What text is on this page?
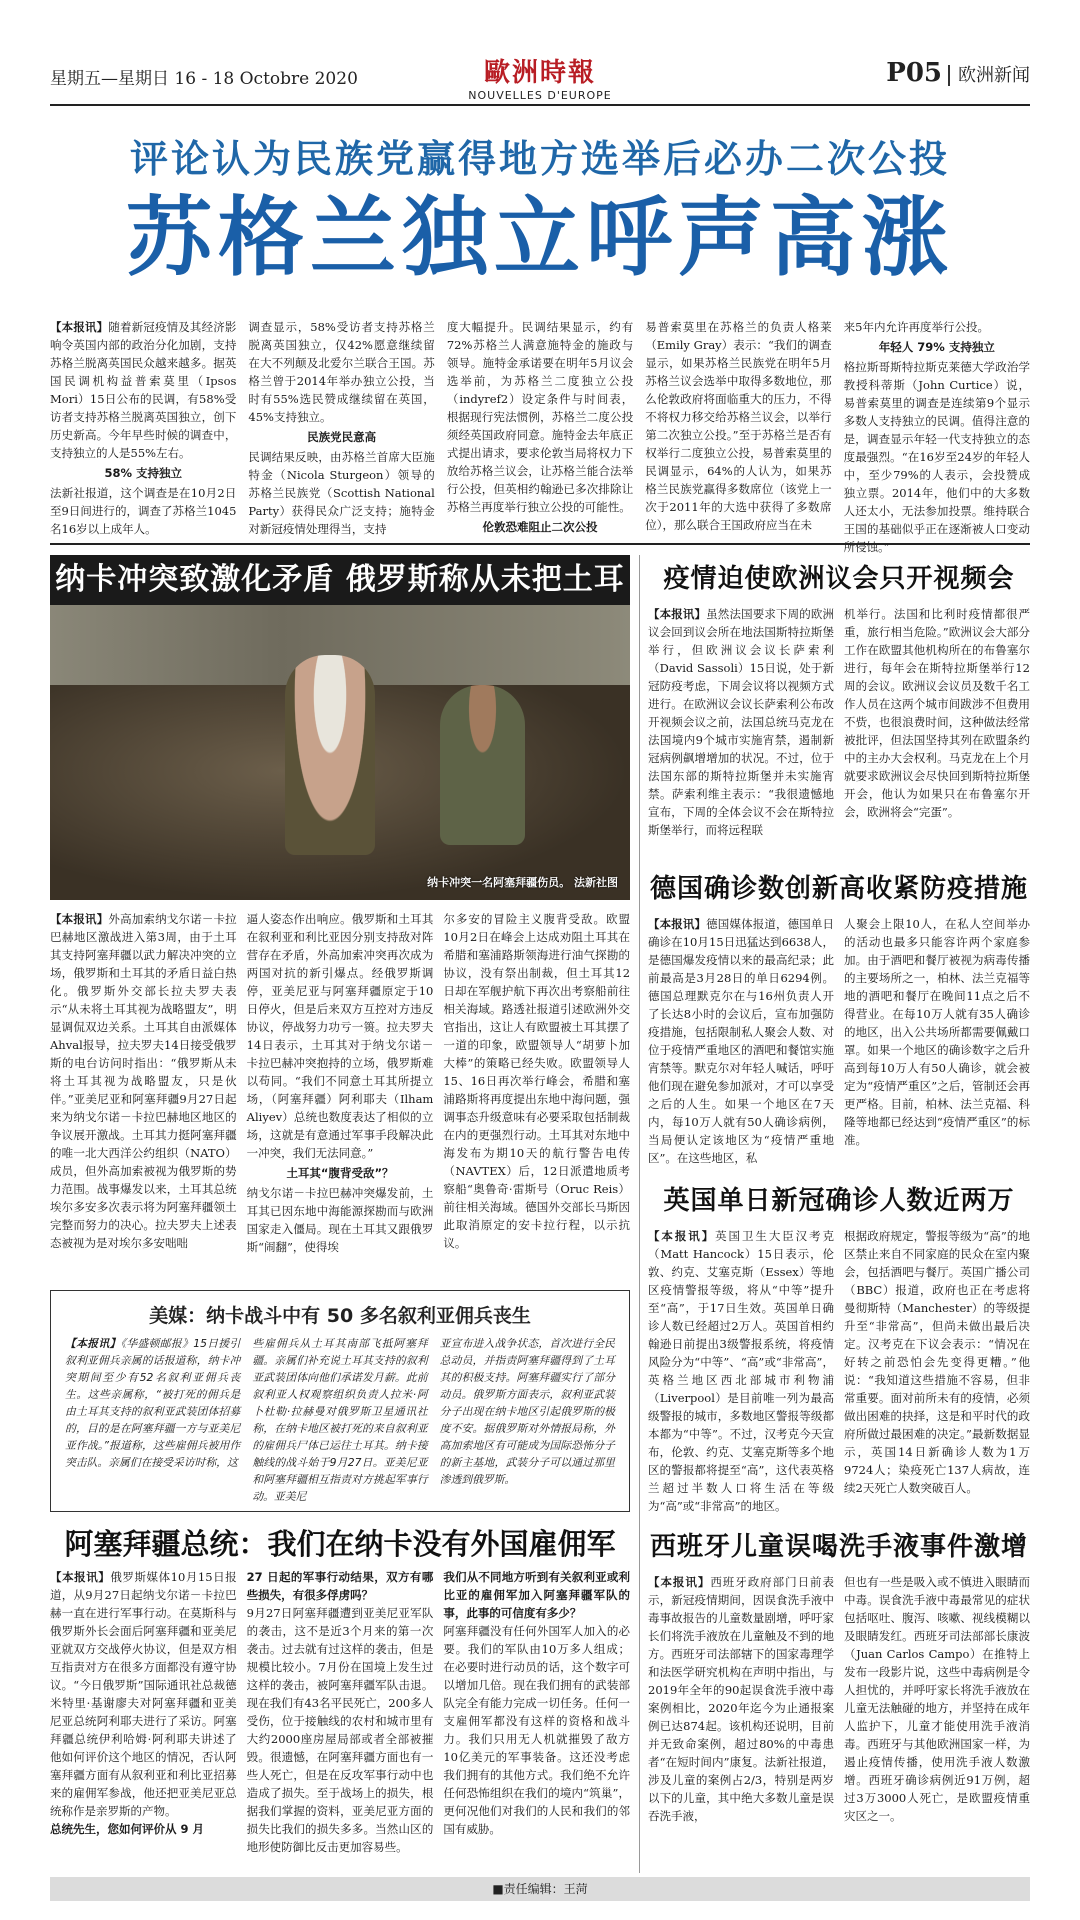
星期五—星期日 16 - 18 Octobre 2020	歐洲時報
NOUVELLES D'EUROPE
P05 欧洲新闻
评论认为民族党赢得地方选举后必办二次公投
苏格兰独立呼声高涨
【本报讯】随着新冠疫情及其经济影响令英国内部的政治分化加剧，支持苏格兰脱离英国民众越来越多。据英国民调机构益普索莫里（Ipsos Mori）15日公布的民调，有58%受访者支持苏格兰脱离英国独立，创下历史新高。今年早些时候的调查中，支持独立的人是55%左右。
58% 支持独立
法新社报道，这个调查是在10月2日至9日间进行的，调查了苏格兰1045名16岁以上成年人。
调查显示，58%受访者支持苏格兰脱离英国独立，仅42%愿意继续留在大不列颠及北爱尔兰联合王国。苏格兰曾于2014年举办独立公投，当时有55%选民赞成继续留在英国，45%支持独立。
民族党民意高
民调结果反映，由苏格兰首席大臣施特金（Nicola Sturgeon）领导的苏格兰民族党（Scottish National Party）获得民众广泛支持；施特金对新冠疫情处理得当，支持
度大幅提升。民调结果显示，约有72%苏格兰人满意施特金的施政与领导。施特金承诺要在明年5月议会选举前，为苏格兰二度独立公投（indyref2）设定条件与时间表，根据现行宪法惯例，苏格兰二度公投须经英国政府同意。施特金去年底正式提出请求，要求伦敦当局将权力下放给苏格兰议会，让苏格兰能合法举行公投，但英相约翰逊已多次排除让苏格兰再度举行独立公投的可能性。
伦敦恐难阻止二次公投
易普索莫里在苏格兰的负责人格莱（Emily Gray）表示：“我们的调查显示，如果苏格兰民族党在明年5月苏格兰议会选举中取得多数地位，那么伦敦政府将面临重大的压力，不得不将权力移交给苏格兰议会，以举行第二次独立公投。”至于苏格兰是否有权举行二度独立公投，易普索莫里的民调显示，64%的人认为，如果苏格兰民族党赢得多数席位（该党上一次于2011年的大选中获得了多数席位），那么联合王国政府应当在未
来5年内允许再度举行公投。
年轻人 79% 支持独立
格拉斯哥斯特拉斯克莱德大学政治学教授科蒂斯（John Curtice）说，易普索莫里的调查是连续第9个显示多数人支持独立的民调。值得注意的是，调查显示年轻一代支持独立的态度最强烈。“在16岁至24岁的年轻人中，至少79%的人表示，会投赞成独立票。2014年，他们中的大多数人还太小，无法参加投票。维持联合王国的基础似乎正在逐渐被人口变动所侵蚀。”
纳卡冲突致激化矛盾 俄罗斯称从未把土耳
纳卡冲突一名阿塞拜疆伤员。 法新社图
【本报讯】外高加索纳戈尔诺－卡拉巴赫地区激战进入第3周，由于土耳其支持阿塞拜疆以武力解决冲突的立场，俄罗斯和土耳其的矛盾日益白热化。俄罗斯外交部长拉夫罗夫表示“从未将土耳其视为战略盟友”，明显调侃双边关系。土耳其自由派媒体Ahval报导，拉夫罗夫14日接受俄罗斯的电台访问时指出：“俄罗斯从未将土耳其视为战略盟友，只是伙伴。”亚美尼亚和阿塞拜疆9月27日起来为纳戈尔诺－卡拉巴赫地区地区的争议展开激战。土耳其力挺阿塞拜疆的唯一北大西洋公约组织（NATO）成员，但外高加索被视为俄罗斯的势力范围。战事爆发以来，土耳其总统埃尔多安多次表示将为阿塞拜疆领土完整而努力的决心。拉夫罗夫上述表态被视为是对埃尔多安咄咄
逼人姿态作出响应。俄罗斯和土耳其在叙利亚和利比亚因分别支持敌对阵营存在矛盾，外高加索冲突再次成为两国对抗的新引爆点。经俄罗斯调停，亚美尼亚与阿塞拜疆原定于10日停火，但是后来双方互控对方违反协议，停战努力功亏一篑。拉夫罗夫14日表示，土耳其对于纳戈尔诺－卡拉巴赫冲突抱持的立场，俄罗斯难以苟同。“我们不同意土耳其所提立场，（阿塞拜疆）阿利耶夫（Ilham Aliyev）总统也数度表达了相似的立场，这就是有意通过军事手段解决此一冲突，我们无法同意。”
土耳其“腹背受敌”？
纳戈尔诺－卡拉巴赫冲突爆发前，土耳其已因东地中海能源探勘而与欧洲国家走入僵局。现在土耳其又跟俄罗斯“闹翻”，使得埃
尔多安的冒险主义腹背受敌。欧盟10月2日在峰会上达成劝阻土耳其在希腊和塞浦路斯领海进行油气探勘的协议，没有祭出制裁，但土耳其12日却在军舰护航下再次出考察船前往相关海域。路透社报道引述欧洲外交官指出，这让人有欧盟被土耳其摆了一道的印象，欧盟领导人“胡萝卜加大棒”的策略已经失败。欧盟领导人15、16日再次举行峰会，希腊和塞浦路斯将再度提出东地中海问题，强调事态升级意味有必要采取包括制裁在内的更强烈行动。土耳其对东地中海发布为期10天的航行警告电传（NAVTEX）后，12日派遣地质考察船“奥鲁奇·雷斯号（Oruc Reis）前往相关海域。德国外交部长马斯因此取消原定的安卡拉行程，以示抗议。
美媒：纳卡战斗中有 50 多名叙利亚佣兵丧生
【本报讯】《华盛顿邮报》15日援引叙利亚佣兵亲属的话报道称，纳卡冲突期间至少有52名叙利亚佣兵丧生。这些亲属称，“被打死的佣兵是由土耳其支持的叙利亚武装团体招募的，目的是在阿塞拜疆一方与亚美尼亚作战。”报道称，这些雇佣兵被用作突击队。亲属们在接受采访时称，这
些雇佣兵从土耳其南部飞抵阿塞拜疆。亲属们补充说土耳其支持的叙利亚武装团体向他们承诺发月薪。此前叙利亚人权观察组织负责人拉米·阿卜杜勒·拉赫曼对俄罗斯卫星通讯社称，在纳卡地区被打死的来自叙利亚的雇佣兵尸体已运往土耳其。纳卡接触线的战斗始于9月27日。亚美尼亚和阿塞拜疆相互指责对方挑起军事行动。亚美尼
亚宣布进入战争状态，首次进行全民总动员，并指责阿塞拜疆得到了土耳其的积极支持。阿塞拜疆实行了部分动员。俄罗斯方面表示，叙利亚武装分子出现在纳卡地区引起俄罗斯的极度不安。据俄罗斯对外情报局称，外高加索地区有可能成为国际恐怖分子的新主基地，武装分子可以通过那里渗透到俄罗斯。
阿塞拜疆总统：我们在纳卡没有外国雇佣军
【本报讯】俄罗斯媒体10月15日报道，从9月27日起纳戈尔诺－卡拉巴赫一直在进行军事行动。在莫斯科与俄罗斯外长会面后阿塞拜疆和亚美尼亚就双方交战停火协议，但是双方相互指责对方在很多方面都没有遵守协议。“今日俄罗斯”国际通讯社总裁德米特里·基谢廖夫对阿塞拜疆和亚美尼亚总统阿利耶夫进行了采访。阿塞拜疆总统伊利哈姆·阿利耶夫讲述了他如何评价这个地区的情况，否认阿塞拜疆方面有从叙利亚和利比亚招募来的雇佣军参战，他还把亚美尼亚总统称作是亲罗斯的产物。
总统先生，您如何评价从 9 月
27 日起的军事行动结果，双方有哪些损失，有很多俘虏吗？
9月27日阿塞拜疆遭到亚美尼亚军队的袭击，这不是近3个月来的第一次袭击。过去就有过这样的袭击，但是规模比较小。7月份在国境上发生过这样的袭击，被阿塞拜疆军队击退。现在我们有43名平民死亡，200多人受伤，位于接触线的农村和城市里有大约2000座房屋局部或者全部被摧毁。很遗憾，在阿塞拜疆方面也有一些人死亡，但是在反攻军事行动中也造成了损失。至于战场上的损失，根据我们掌握的资料，亚美尼亚方面的损失比我们的损失多多。当然山区的地形使防御比反击更加容易些。
我们从不同地方听到有关叙利亚或利比亚的雇佣军加入阿塞拜疆军队的事，此事的可信度有多少？
阿塞拜疆没有任何外国军人加入的必要。我们的军队由10万多人组成；在必要时进行动员的话，这个数字可以增加几倍。现在我们拥有的武装部队完全有能力完成一切任务。任何一支雇佣军都没有这样的资格和战斗力。我们只用无人机就摧毁了敌方10亿美元的军事装备。这还没考虑我们拥有的其他方式。我们绝不允许任何恐怖组织在我们的境内“筑巢”，更何况他们对我们的人民和我们的邻国有威胁。
疫情迫使欧洲议会只开视频会
【本报讯】虽然法国要求下周的欧洲议会回到议会所在地法国斯特拉斯堡举行，但欧洲议会议长萨索利（David Sassoli）15日说，处于新冠防疫考虑，下周会议将以视频方式进行。在欧洲议会议长萨索利公布改开视频会议之前，法国总统马克龙在法国境内9个城市实施宵禁，遏制新冠病例飙增增加的状况。不过，位于法国东部的斯特拉斯堡并未实施宵禁。萨索利维主表示：“我很遗憾地宣布，下周的全体会议不会在斯特拉斯堡举行，而将远程联
机举行。法国和比利时疫情都很严重，旅行相当危险。”欧洲议会大部分工作在欧盟其他机构所在的布鲁塞尔进行，每年会在斯特拉斯堡举行12周的会议。欧洲议会议员及数千名工作人员在这两个城市间跋涉不但费用不赀，也很浪费时间，这种做法经常被批评，但法国坚持其列在欧盟条约中的主办大会权利。马克龙在上个月就要求欧洲议会尽快回到斯特拉斯堡开会，他认为如果只在布鲁塞尔开会，欧洲将会“完蛋”。
德国确诊数创新高收紧防疫措施
【本报讯】德国媒体报道，德国单日确诊在10月15日迅猛达到6638人，是德国爆发疫情以来的最高纪录；此前最高是3月28日的单日6294例。德国总理默克尔在与16州负责人开了长达8小时的会议后，宣布加强防疫措施，包括限制私人聚会人数、对位于疫情严重地区的酒吧和餐馆实施宵禁等。默克尔对年轻人喊话，呼吁他们现在避免参加派对，才可以享受之后的人生。如果一个地区在7天内，每10万人就有50人确诊病例，当局便认定该地区为“疫情严重地区”。在这些地区，私
人聚会上限10人，在私人空间举办的活动也最多只能容许两个家庭参加。由于酒吧和餐厅被视为病毒传播的主要场所之一，柏林、法兰克福等地的酒吧和餐厅在晚间11点之后不得营业。在每10万人就有35人确诊的地区，出入公共场所都需要佩戴口罩。如果一个地区的确诊数字之后升高到每10万人有50人确诊，就会被定为“疫情严重区”之后，管制还会再更严格。目前，柏林、法兰克福、科隆等地都已经达到“疫情严重区”的标准。
英国单日新冠确诊人数近两万
【本报讯】英国卫生大臣汉考克（Matt Hancock）15日表示，伦敦、约克、艾塞克斯（Essex）等地区疫情警报等级，将从“中等”提升至“高”，于17日生效。英国单日确诊人数已经超过2万人。英国首相约翰逊日前提出3级警报系统，将疫情风险分为“中等”、“高”或“非常高”，英格兰地区西北部城市利物浦（Liverpool）是目前唯一列为最高级警报的城市，多数地区警报等级都本都为“中等”。不过，汉考克今天宣布，伦敦、约克、艾塞克斯等多个地区的警报都将提至“高”，这代表英格兰超过半数人口将生活在等级为“高”或“非常高”的地区。
根据政府规定，警报等级为“高”的地区禁止来自不同家庭的民众在室内聚会，包括酒吧与餐厅。英国广播公司（BBC）报道，政府也正在考虑将曼彻斯特（Manchester）的等级提升至“非常高”，但尚未做出最后决定。汉考克在下议会表示：“情况在好转之前恐怕会先变得更糟。”他说：“我知道这些措施不容易，但非常重要。面对前所未有的疫情，必须做出困难的抉择，这是和平时代的政府所做过最困难的决定。”最新数据显示，英国14日新确诊人数为1万9724人；染疫死亡137人病故，连续2天死亡人数突破百人。
西班牙儿童误喝洗手液事件激增
【本报讯】西班牙政府部门日前表示，新冠疫情期间，因误食洗手液中毒事故报告的儿童数量剧增，呼吁家长们将洗手液放在儿童触及不到的地方。西班牙司法部辖下的国家毒理学和法医学研究机构在声明中指出，与2019年全年的90起误食洗手液中毒案例相比，2020年迄今为止通报案例已达874起。该机构还说明，目前并无致命案例，超过80%的中毒患者“在短时间内”康复。法新社报道，涉及儿童的案例占2/3，特别是两岁以下的儿童，其中绝大多数儿童是误吞洗手液，
但也有一些是吸入或不慎进入眼睛而中毒。误食洗手液中毒最常见的症状包括呕吐、腹泻、咳嗽、视线模糊以及眼睛发红。西班牙司法部部长康波（Juan Carlos Campo）在推特上发布一段影片说，这些中毒病例是令人担忧的，并呼吁家长将洗手液放在儿童无法触碰的地方，并坚持在成年人监护下，儿童才能使用洗手液消毒。西班牙与其他欧洲国家一样，为遏止疫情传播，使用洗手液人数激增。西班牙确诊病例近91万例，超过3万3000人死亡，是欧盟疫情重灾区之一。
■责任编辑：王菏
